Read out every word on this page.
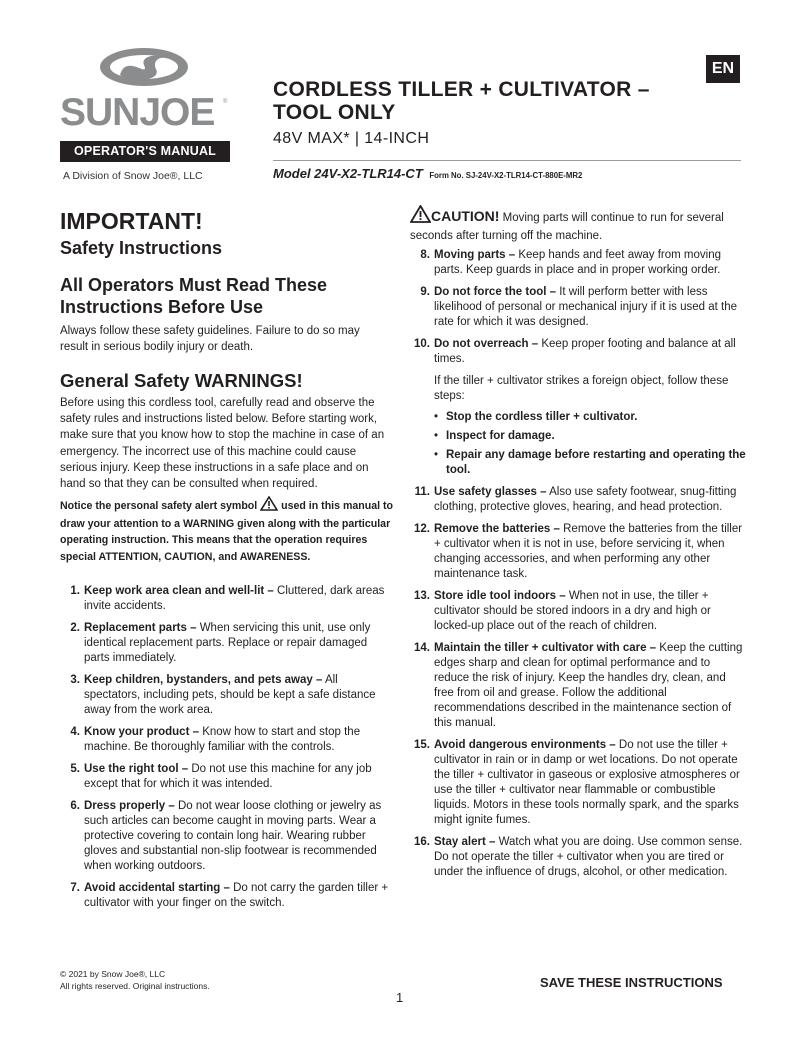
SUNJOE ®
OPERATOR'S MANUAL
A Division of Snow Joe®, LLC
EN
CORDLESS TILLER + CULTIVATOR – TOOL ONLY
48V MAX* | 14-INCH
Model 24V-X2-TLR14-CT Form No. SJ-24V-X2-TLR14-CT-880E-MR2
IMPORTANT!
Safety Instructions
All Operators Must Read These Instructions Before Use
Always follow these safety guidelines. Failure to do so may result in serious bodily injury or death.
General Safety WARNINGS!
Before using this cordless tool, carefully read and observe the safety rules and instructions listed below. Before starting work, make sure that you know how to stop the machine in case of an emergency. The incorrect use of this machine could cause serious injury. Keep these instructions in a safe place and on hand so that they can be consulted when required.
Notice the personal safety alert symbol used in this manual to draw your attention to a WARNING given along with the particular operating instruction. This means that the operation requires special ATTENTION, CAUTION, and AWARENESS.
1. Keep work area clean and well-lit – Cluttered, dark areas invite accidents.
2. Replacement parts – When servicing this unit, use only identical replacement parts. Replace or repair damaged parts immediately.
3. Keep children, bystanders, and pets away – All spectators, including pets, should be kept a safe distance away from the work area.
4. Know your product – Know how to start and stop the machine. Be thoroughly familiar with the controls.
5. Use the right tool – Do not use this machine for any job except that for which it was intended.
6. Dress properly – Do not wear loose clothing or jewelry as such articles can become caught in moving parts. Wear a protective covering to contain long hair. Wearing rubber gloves and substantial non-slip footwear is recommended when working outdoors.
7. Avoid accidental starting – Do not carry the garden tiller + cultivator with your finger on the switch.
CAUTION! Moving parts will continue to run for several seconds after turning off the machine.
8. Moving parts – Keep hands and feet away from moving parts. Keep guards in place and in proper working order.
9. Do not force the tool – It will perform better with less likelihood of personal or mechanical injury if it is used at the rate for which it was designed.
10. Do not overreach – Keep proper footing and balance at all times.
If the tiller + cultivator strikes a foreign object, follow these steps:
• Stop the cordless tiller + cultivator.
• Inspect for damage.
• Repair any damage before restarting and operating the tool.
11. Use safety glasses – Also use safety footwear, snug-fitting clothing, protective gloves, hearing, and head protection.
12. Remove the batteries – Remove the batteries from the tiller + cultivator when it is not in use, before servicing it, when changing accessories, and when performing any other maintenance task.
13. Store idle tool indoors – When not in use, the tiller + cultivator should be stored indoors in a dry and high or locked-up place out of the reach of children.
14. Maintain the tiller + cultivator with care – Keep the cutting edges sharp and clean for optimal performance and to reduce the risk of injury. Keep the handles dry, clean, and free from oil and grease. Follow the additional recommendations described in the maintenance section of this manual.
15. Avoid dangerous environments – Do not use the tiller + cultivator in rain or in damp or wet locations. Do not operate the tiller + cultivator in gaseous or explosive atmospheres or use the tiller + cultivator near flammable or combustible liquids. Motors in these tools normally spark, and the sparks might ignite fumes.
16. Stay alert – Watch what you are doing. Use common sense. Do not operate the tiller + cultivator when you are tired or under the influence of drugs, alcohol, or other medication.
© 2021 by Snow Joe®, LLC
All rights reserved. Original instructions.	SAVE THESE INSTRUCTIONS
1
